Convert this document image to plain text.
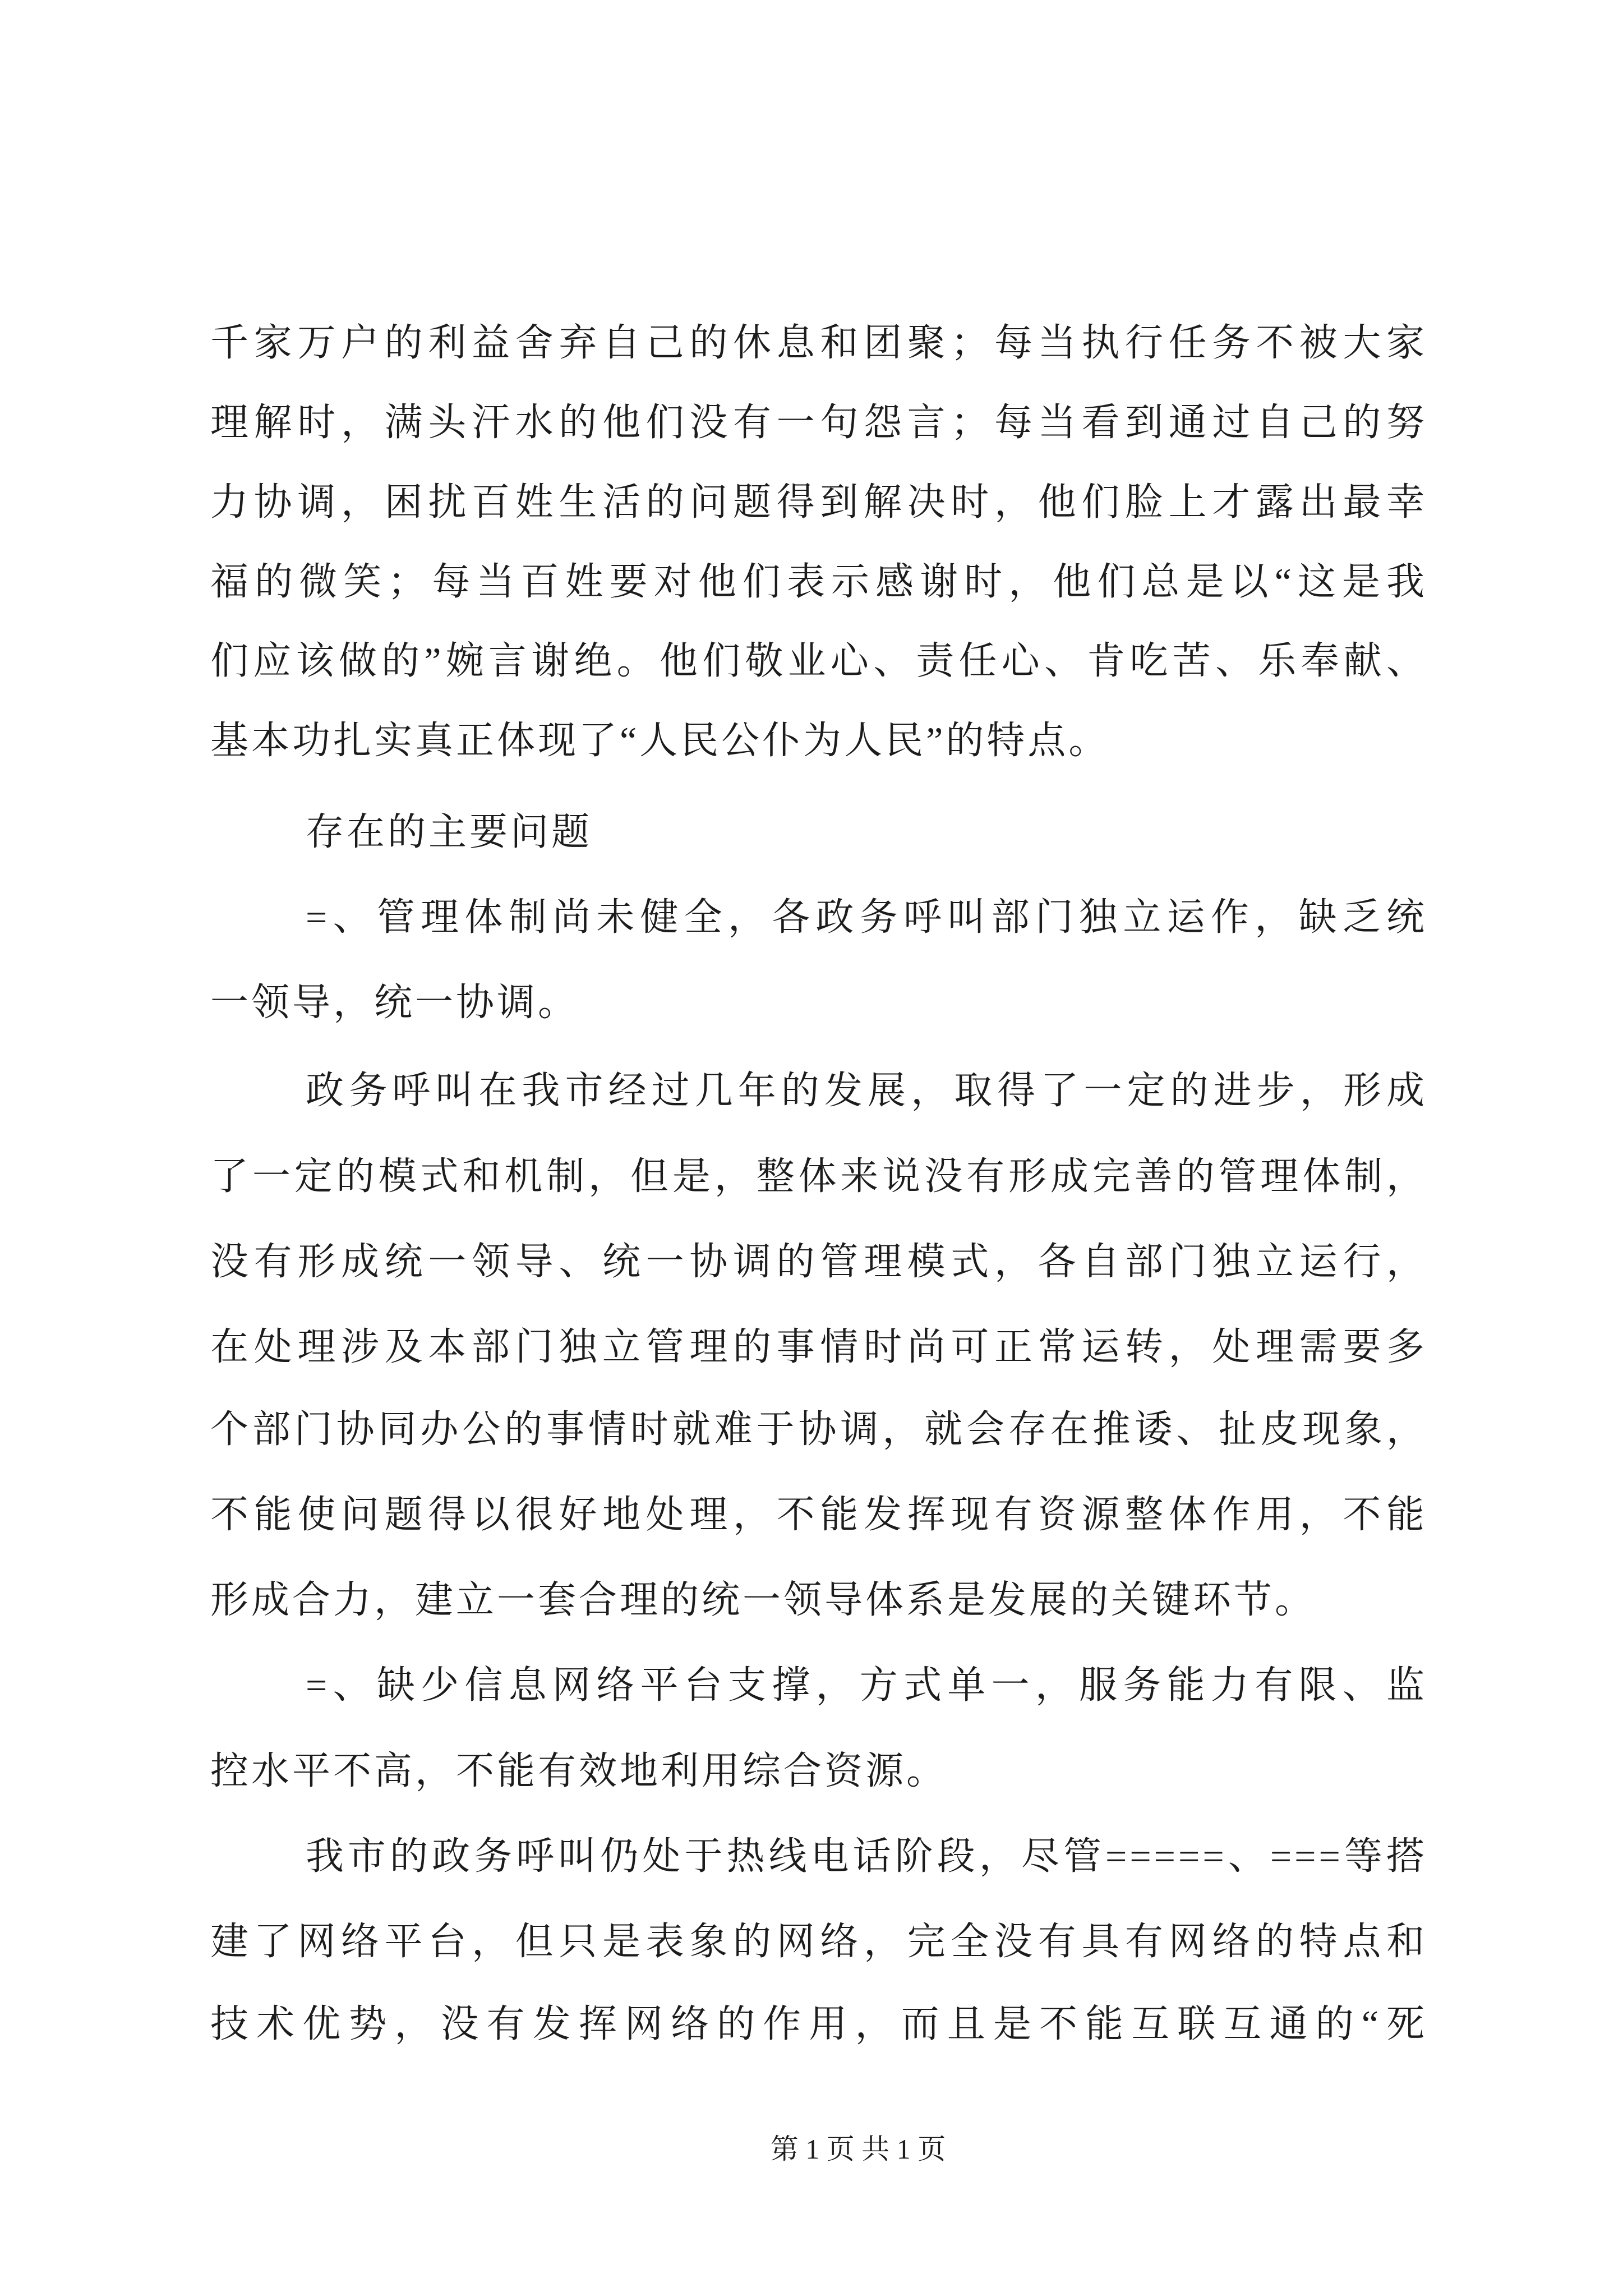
千家万户的利益舍弃自己的休息和团聚；每当执行任务不被大家
理解时，满头汗水的他们没有一句怨言；每当看到通过自己的努
力协调，困扰百姓生活的问题得到解决时，他们脸上才露出最幸
福的微笑；每当百姓要对他们表示感谢时，他们总是以“这是我
们应该做的”婉言谢绝。他们敬业心、责任心、肯吃苦、乐奉献、
基本功扎实真正体现了“人民公仆为人民”的特点。
存在的主要问题
=、管理体制尚未健全，各政务呼叫部门独立运作，缺乏统
一领导，统一协调。
政务呼叫在我市经过几年的发展，取得了一定的进步，形成
了一定的模式和机制，但是，整体来说没有形成完善的管理体制，
没有形成统一领导、统一协调的管理模式，各自部门独立运行，
在处理涉及本部门独立管理的事情时尚可正常运转，处理需要多
个部门协同办公的事情时就难于协调，就会存在推诿、扯皮现象，
不能使问题得以很好地处理，不能发挥现有资源整体作用，不能
形成合力，建立一套合理的统一领导体系是发展的关键环节。
=、缺少信息网络平台支撑，方式单一，服务能力有限、监
控水平不高，不能有效地利用综合资源。
我市的政务呼叫仍处于热线电话阶段，尽管=====、===等搭
建了网络平台，但只是表象的网络，完全没有具有网络的特点和
技术优势，没有发挥网络的作用，而且是不能互联互通的“死
第 1 页 共 1 页
